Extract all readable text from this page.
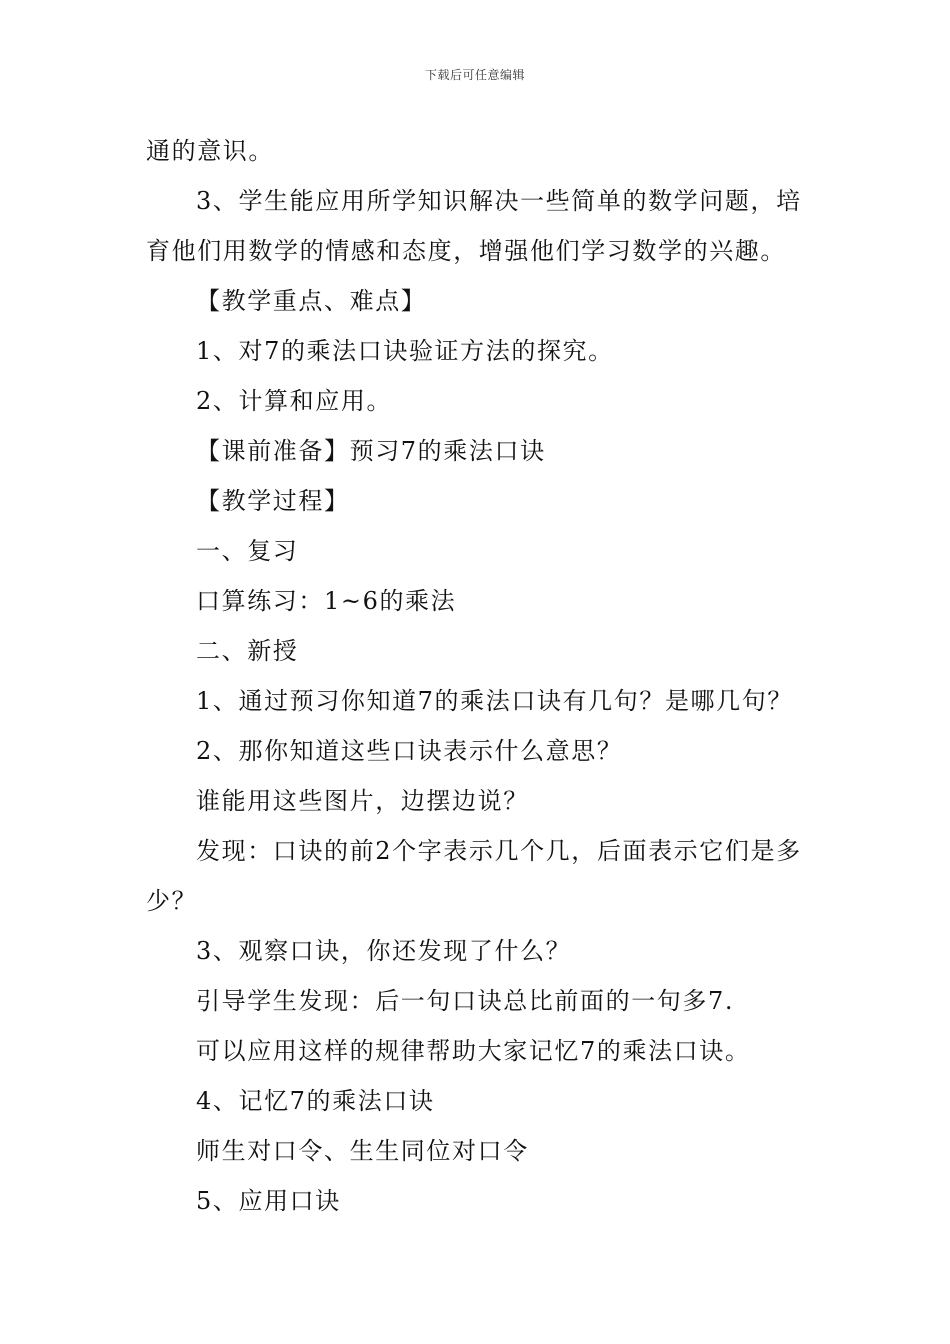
下载后可任意编辑
通的意识。
3、学生能应用所学知识解决一些简单的数学问题，培
育他们用数学的情感和态度，增强他们学习数学的兴趣。
【教学重点、难点】
1、对7的乘法口诀验证方法的探究。
2、计算和应用。
【课前准备】预习7的乘法口诀
【教学过程】
一、复习
口算练习：1~6的乘法
二、新授
1、通过预习你知道7的乘法口诀有几句？是哪几句？
2、那你知道这些口诀表示什么意思？
谁能用这些图片，边摆边说？
发现：口诀的前2个字表示几个几，后面表示它们是多
少？
3、观察口诀，你还发现了什么？
引导学生发现：后一句口诀总比前面的一句多7.
可以应用这样的规律帮助大家记忆7的乘法口诀。
4、记忆7的乘法口诀
师生对口令、生生同位对口令
5、应用口诀
